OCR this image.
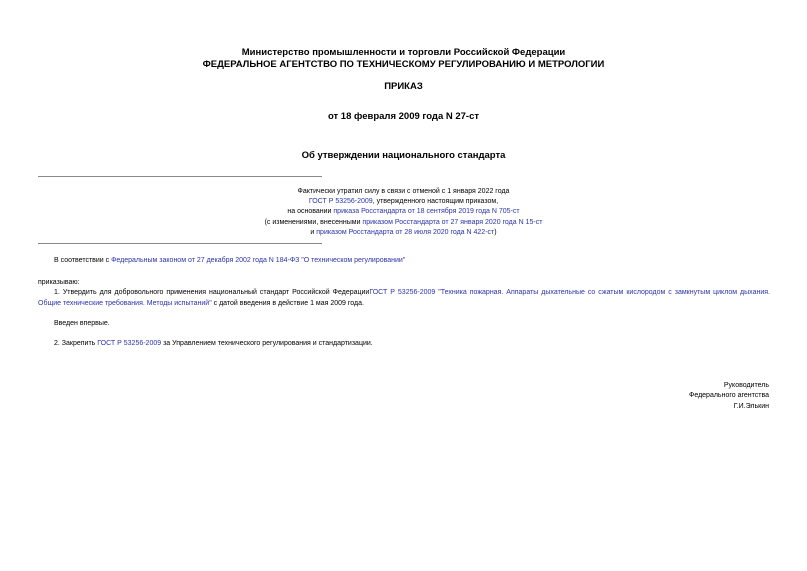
Министерство промышленности и торговли Российской Федерации
ФЕДЕРАЛЬНОЕ АГЕНТСТВО ПО ТЕХНИЧЕСКОМУ РЕГУЛИРОВАНИЮ И МЕТРОЛОГИИ
ПРИКАЗ
от 18 февраля 2009 года N 27-ст
Об утверждении национального стандарта
Фактически утратил силу в связи с отменой с 1 января 2022 года
ГОСТ Р 53256-2009, утвержденного настоящим приказом,
на основании приказа Росстандарта от 18 сентября 2019 года N 705-ст
(с изменениями, внесенными приказом Росстандарта от 27 января 2020 года N 15-ст
и приказом Росстандарта от 28 июля 2020 года N 422-ст)
В соответствии с Федеральным законом от 27 декабря 2002 года N 184-ФЗ "О техническом регулировании"
приказываю:
1. Утвердить для добровольного применения национальный стандарт Российской ФедерацииГОСТ Р 53256-2009 "Техника пожарная. Аппараты дыхательные со сжатым кислородом с замкнутым циклом дыхания. Общие технические требования. Методы испытаний" с датой введения в действие 1 мая 2009 года.
Введен впервые.
2. Закрепить ГОСТ Р 53256-2009 за Управлением технического регулирования и стандартизации.
Руководитель
Федерального агентства
Г.И.Элькин
